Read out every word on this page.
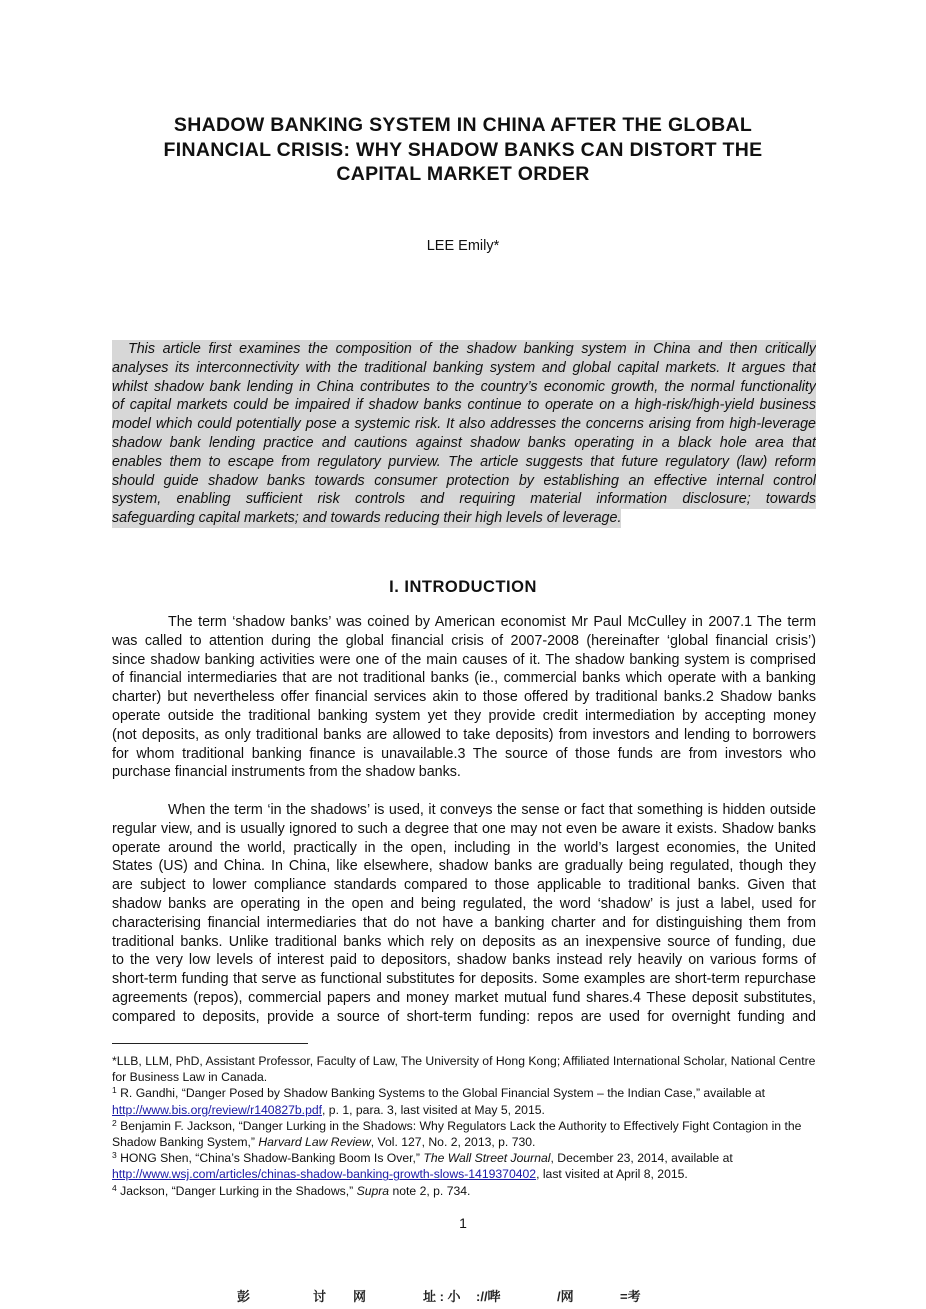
SHADOW BANKING SYSTEM IN CHINA AFTER THE GLOBAL
FINANCIAL CRISIS: WHY SHADOW BANKS CAN DISTORT THE
CAPITAL MARKET ORDER
LEE Emily*
This article first examines the composition of the shadow banking system in China and then critically
analyses its interconnectivity with the traditional banking system and global capital markets. It argues that
whilst shadow bank lending in China contributes to the country’s economic growth, the normal functionality
of capital markets could be impaired if shadow banks continue to operate on a high-risk/high-yield business
model which could potentially pose a systemic risk. It also addresses the concerns arising from high-leverage
shadow bank lending practice and cautions against shadow banks operating in a black hole area that
enables them to escape from regulatory purview. The article suggests that future regulatory (law) reform
should guide shadow banks towards consumer protection by establishing an effective internal control
system, enabling sufficient risk controls and requiring material information disclosure; towards
safeguarding capital markets; and towards reducing their high levels of leverage.
I. INTRODUCTION
The term ‘shadow banks’ was coined by American economist Mr Paul McCulley in 2007.1 The term
was called to attention during the global financial crisis of 2007-2008 (hereinafter ‘global financial crisis’)
since shadow banking activities were one of the main causes of it. The shadow banking system is comprised
of financial intermediaries that are not traditional banks (ie., commercial banks which operate with a banking
charter) but nevertheless offer financial services akin to those offered by traditional banks.2 Shadow banks
operate outside the traditional banking system yet they provide credit intermediation by accepting money
(not deposits, as only traditional banks are allowed to take deposits) from investors and lending to borrowers
for whom traditional banking finance is unavailable.3 The source of those funds are from investors who
purchase financial instruments from the shadow banks.
When the term ‘in the shadows’ is used, it conveys the sense or fact that something is hidden outside
regular view, and is usually ignored to such a degree that one may not even be aware it exists. Shadow banks
operate around the world, practically in the open, including in the world’s largest economies, the United
States (US) and China. In China, like elsewhere, shadow banks are gradually being regulated, though they
are subject to lower compliance standards compared to those applicable to traditional banks. Given that
shadow banks are operating in the open and being regulated, the word ‘shadow’ is just a label, used for
characterising financial intermediaries that do not have a banking charter and for distinguishing them from
traditional banks. Unlike traditional banks which rely on deposits as an inexpensive source of funding, due
to the very low levels of interest paid to depositors, shadow banks instead rely heavily on various forms of
short-term funding that serve as functional substitutes for deposits. Some examples are short-term repurchase
agreements (repos), commercial papers and money market mutual fund shares.4 These deposit substitutes,
compared to deposits, provide a source of short-term funding: repos are used for overnight funding and
*LLB, LLM, PhD, Assistant Professor, Faculty of Law, The University of Hong Kong; Affiliated International Scholar, National Centre for Business Law in Canada.
$^1$ R. Gandhi, “Danger Posed by Shadow Banking Systems to the Global Financial System – the Indian Case,” available at http://www.bis.org/review/r140827b.pdf, p. 1, para. 3, last visited at May 5, 2015.
$^2$ Benjamin F. Jackson, “Danger Lurking in the Shadows: Why Regulators Lack the Authority to Effectively Fight Contagion in the Shadow Banking System,” Harvard Law Review, Vol. 127, No. 2, 2013, p. 730.
$^3$ HONG Shen, “China’s Shadow-Banking Boom Is Over,” The Wall Street Journal, December 23, 2014, available at http://www.wsj.com/articles/chinas-shadow-banking-growth-slows-1419370402, last visited at April 8, 2015.
$^4$ Jackson, “Danger Lurking in the Shadows,” Supra note 2, p. 734.
1
彭	讨 网	址 : 小 ://哔	/网	=考
